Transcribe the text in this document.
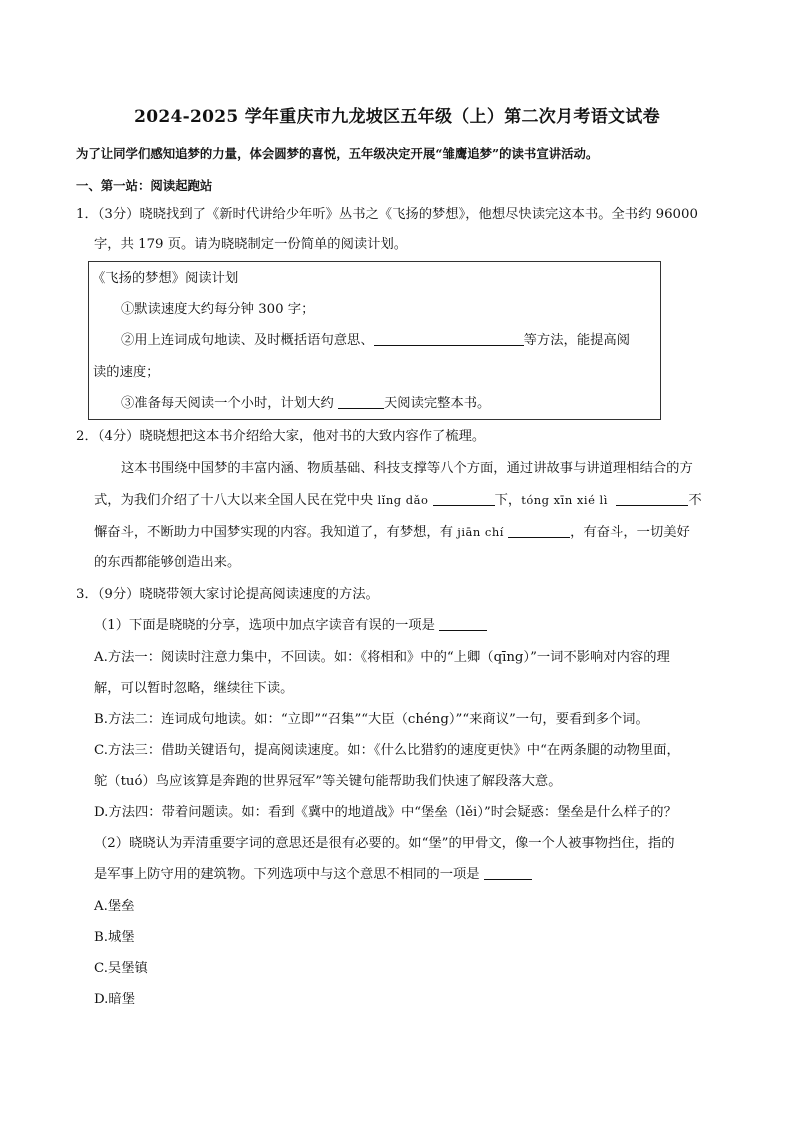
2024-2025 学年重庆市九龙坡区五年级（上）第二次月考语文试卷
为了让同学们感知追梦的力量，体会圆梦的喜悦，五年级决定开展“雏鹰追梦”的读书宣讲活动。
一、第一站：阅读起跑站
1．（3分）晓晓找到了《新时代讲给少年听》丛书之《飞扬的梦想》，他想尽快读完这本书。全书约 96000
字，共 179 页。请为晓晓制定一份简单的阅读计划。
《飞扬的梦想》阅读计划
①默读速度大约每分钟 300 字；
②用上连词成句地读、及时概括语句意思、	等方法，能提高阅
读的速度；
③准备每天阅读一个小时，计划大约	天阅读完整本书。
2．（4分）晓晓想把这本书介绍给大家，他对书的大致内容作了梳理。
这本书围绕中国梦的丰富内涵、物质基础、科技支撑等八个方面，通过讲故事与讲道理相结合的方
式，为我们介绍了十八大以来全国人民在党中央 lǐng dǎo	下，tóng xīn xié lì	不
懈奋斗，不断助力中国梦实现的内容。我知道了，有梦想，有 jiān chí	，有奋斗，一切美好
的东西都能够创造出来。
3．（9分）晓晓带领大家讨论提高阅读速度的方法。
（1）下面是晓晓的分享，选项中加点字读音有误的一项是
A.方法一：阅读时注意力集中，不回读。如：《将相和》中的“上卿（qīng）”一词不影响对内容的理
解，可以暂时忽略，继续往下读。
B.方法二：连词成句地读。如：“立即”“召集”“大臣（chéng）”“来商议”一句，要看到多个词。
C.方法三：借助关键语句，提高阅读速度。如：《什么比猎豹的速度更快》中“在两条腿的动物里面，
鸵（tuó）鸟应该算是奔跑的世界冠军”等关键句能帮助我们快速了解段落大意。
D.方法四：带着问题读。如：看到《冀中的地道战》中“堡垒（lěi）”时会疑惑：堡垒是什么样子的？
（2）晓晓认为弄清重要字词的意思还是很有必要的。如“堡”的甲骨文，像一个人被事物挡住，指的
是军事上防守用的建筑物。下列选项中与这个意思不相同的一项是
A.堡垒
B.城堡
C.吴堡镇
D.暗堡
